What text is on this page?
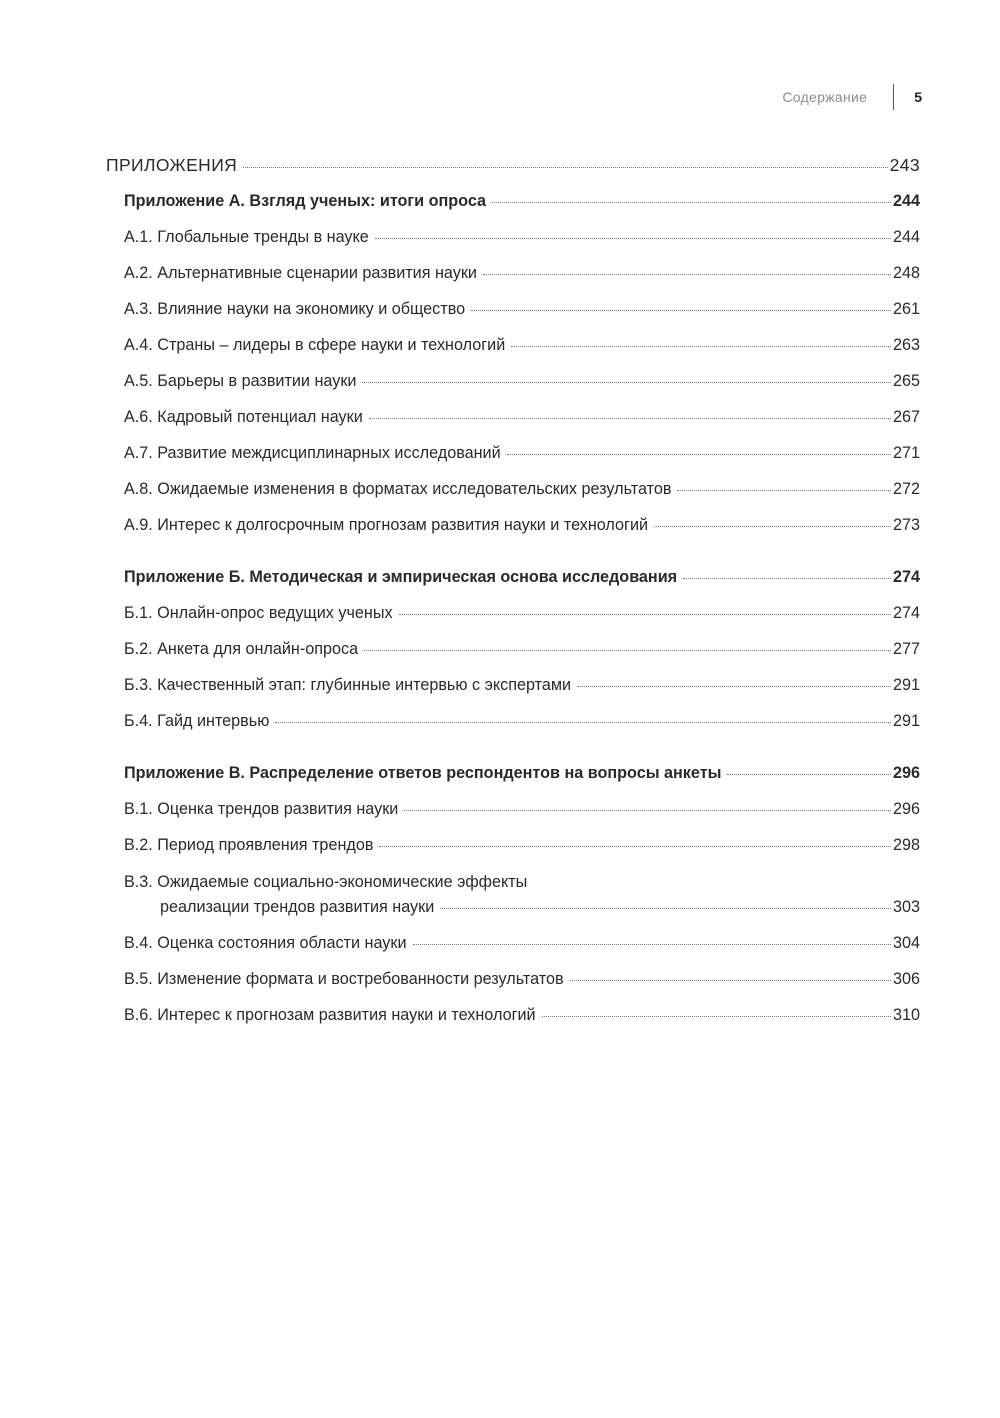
Содержание	5
ПРИЛОЖЕНИЯ	243
Приложение А. Взгляд ученых: итоги опроса	244
А.1. Глобальные тренды в науке	244
А.2. Альтернативные сценарии развития науки	248
А.3. Влияние науки на экономику и общество	261
А.4. Страны – лидеры в сфере науки и технологий	263
А.5. Барьеры в развитии науки	265
А.6. Кадровый потенциал науки	267
А.7. Развитие междисциплинарных исследований	271
А.8. Ожидаемые изменения в форматах исследовательских результатов	272
А.9. Интерес к долгосрочным прогнозам развития науки и технологий	273
Приложение Б. Методическая и эмпирическая основа исследования	274
Б.1. Онлайн-опрос ведущих ученых	274
Б.2. Анкета для онлайн-опроса	277
Б.3. Качественный этап: глубинные интервью с экспертами	291
Б.4. Гайд интервью	291
Приложение В. Распределение ответов респондентов на вопросы анкеты	296
В.1. Оценка трендов развития науки	296
В.2. Период проявления трендов	298
В.3. Ожидаемые социально-экономические эффекты
реализации трендов развития науки	303
В.4. Оценка состояния области науки	304
В.5. Изменение формата и востребованности результатов	306
В.6. Интерес к прогнозам развития науки и технологий	310
